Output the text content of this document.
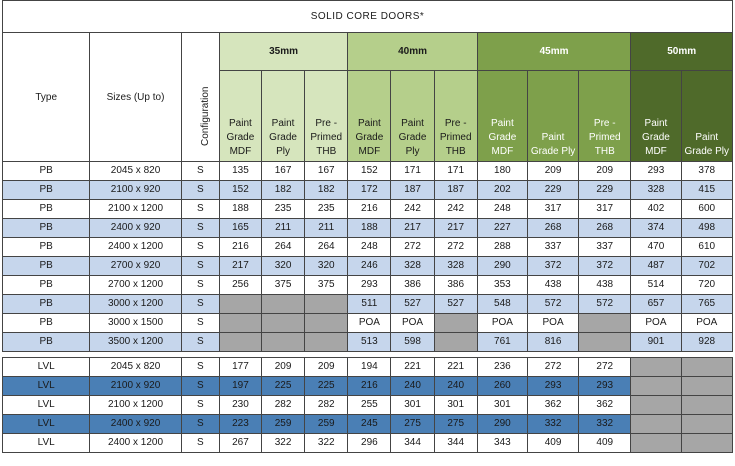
SOLID CORE DOORS*													
Type	Sizes (Up to)	Configuration	35mm			40mm			45mm			50mm	
			Paint Grade MDF	Paint Grade Ply	Pre - Primed THB	Paint Grade MDF	Paint Grade Ply	Pre - Primed THB	Paint Grade MDF	Paint Grade Ply	Pre - Primed THB	Paint Grade MDF	Paint Grade Ply
PB	2045 x 820	S	135	167	167	152	171	171	180	209	209	293	378
PB	2100 x 920	S	152	182	182	172	187	187	202	229	229	328	415
PB	2100 x 1200	S	188	235	235	216	242	242	248	317	317	402	600
PB	2400 x 920	S	165	211	211	188	217	217	227	268	268	374	498
PB	2400 x 1200	S	216	264	264	248	272	272	288	337	337	470	610
PB	2700 x 920	S	217	320	320	246	328	328	290	372	372	487	702
PB	2700 x 1200	S	256	375	375	293	386	386	353	438	438	514	720
PB	3000 x 1200	S				511	527	527	548	572	572	657	765
PB	3000 x 1500	S				POA	POA		POA	POA		POA	POA
PB	3500 x 1200	S				513	598		761	816		901	928

LVL	2045 x 820	S	177	209	209	194	221	221	236	272	272		
LVL	2100 x 920	S	197	225	225	216	240	240	260	293	293		
LVL	2100 x 1200	S	230	282	282	255	301	301	301	362	362		
LVL	2400 x 920	S	223	259	259	245	275	275	290	332	332		
LVL	2400 x 1200	S	267	322	322	296	344	344	343	409	409		
